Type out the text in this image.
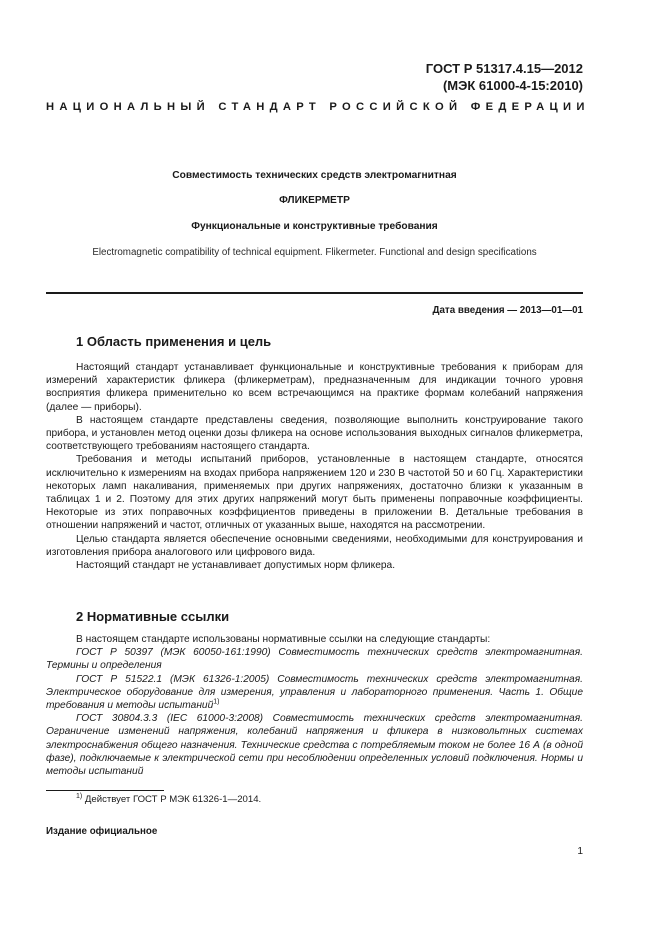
ГОСТ Р 51317.4.15—2012
(МЭК 61000-4-15:2010)
НАЦИОНАЛЬНЫЙ СТАНДАРТ РОССИЙСКОЙ ФЕДЕРАЦИИ
Совместимость технических средств электромагнитная
ФЛИКЕРМЕТР
Функциональные и конструктивные требования
Electromagnetic compatibility of technical equipment. Flikermeter. Functional and design specifications
Дата введения — 2013—01—01
1 Область применения и цель

Настоящий стандарт устанавливает функциональные и конструктивные требования к приборам для измерений характеристик фликера (фликерметрам), предназначенным для индикации точного уровня восприятия фликера применительно ко всем встречающимся на практике формам колебаний напряжения (далее — приборы).

В настоящем стандарте представлены сведения, позволяющие выполнить конструирование такого прибора, и установлен метод оценки дозы фликера на основе использования выходных сигналов фликерметра, соответствующего требованиям настоящего стандарта.

Требования и методы испытаний приборов, установленные в настоящем стандарте, относятся исключительно к измерениям на входах прибора напряжением 120 и 230 В частотой 50 и 60 Гц. Характеристики некоторых ламп накаливания, применяемых при других напряжениях, достаточно близки к указанным в таблицах 1 и 2. Поэтому для этих других напряжений могут быть применены поправочные коэффициенты. Некоторые из этих поправочных коэффициентов приведены в приложении В. Детальные требования в отношении напряжений и частот, отличных от указанных выше, находятся на рассмотрении.

Целью стандарта является обеспечение основными сведениями, необходимыми для конструирования и изготовления прибора аналогового или цифрового вида.

Настоящий стандарт не устанавливает допустимых норм фликера.

2 Нормативные ссылки

В настоящем стандарте использованы нормативные ссылки на следующие стандарты:

ГОСТ Р 50397 (МЭК 60050-161:1990) Совместимость технических средств электромагнитная. Термины и определения

ГОСТ Р 51522.1 (МЭК 61326-1:2005) Совместимость технических средств электромагнитная. Электрическое оборудование для измерения, управления и лабораторного применения. Часть 1. Общие требования и методы испытаний$^{1)}$

ГОСТ 30804.3.3 (IEC 61000-3:2008) Совместимость технических средств электромагнитная. Ограничение изменений напряжения, колебаний напряжения и фликера в низковольтных системах электроснабжения общего назначения. Технические средства с потребляемым током не более 16 А (в одной фазе), подключаемые к электрической сети при несоблюдении определенных условий подключения. Нормы и методы испытаний

$^{1)}$ Действует ГОСТ Р МЭК 61326-1—2014.
Издание официальное
1
